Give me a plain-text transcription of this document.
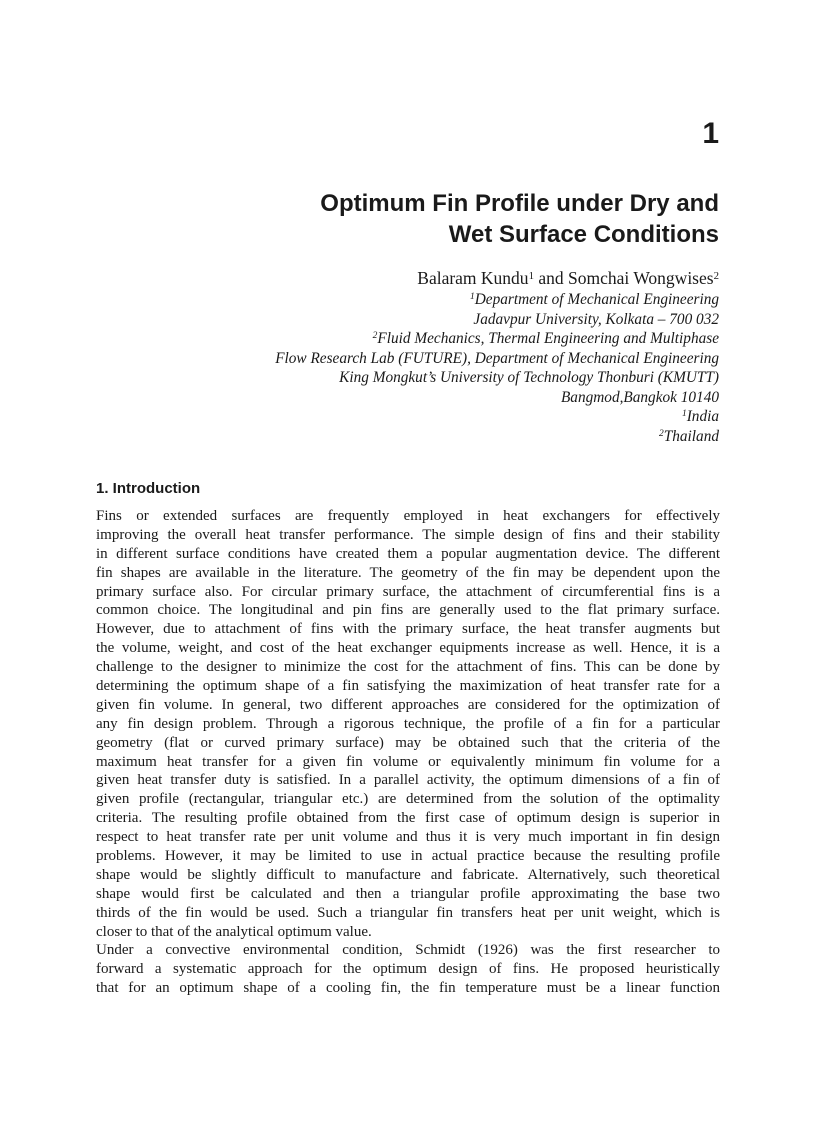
1
Optimum Fin Profile under Dry and
Wet Surface Conditions
Balaram Kundu$^1$ and Somchai Wongwises$^2$
$^1$Department of Mechanical Engineering
Jadavpur University, Kolkata – 700 032
$^2$Fluid Mechanics, Thermal Engineering and Multiphase
Flow Research Lab (FUTURE), Department of Mechanical Engineering
King Mongkut’s University of Technology Thonburi (KMUTT)
Bangmod,Bangkok 10140
$^1$India
$^2$Thailand
1. Introduction
Fins or extended surfaces are frequently employed in heat exchangers for effectively
improving the overall heat transfer performance. The simple design of fins and their stability
in different surface conditions have created them a popular augmentation device. The different
fin shapes are available in the literature. The geometry of the fin may be dependent upon the
primary surface also. For circular primary surface, the attachment of circumferential fins is a
common choice. The longitudinal and pin fins are generally used to the flat primary surface.
However, due to attachment of fins with the primary surface, the heat transfer augments but
the volume, weight, and cost of the heat exchanger equipments increase as well. Hence, it is a
challenge to the designer to minimize the cost for the attachment of fins. This can be done by
determining the optimum shape of a fin satisfying the maximization of heat transfer rate for a
given fin volume. In general, two different approaches are considered for the optimization of
any fin design problem. Through a rigorous technique, the profile of a fin for a particular
geometry (flat or curved primary surface) may be obtained such that the criteria of the
maximum heat transfer for a given fin volume or equivalently minimum fin volume for a
given heat transfer duty is satisfied. In a parallel activity, the optimum dimensions of a fin of
given profile (rectangular, triangular etc.) are determined from the solution of the optimality
criteria. The resulting profile obtained from the first case of optimum design is superior in
respect to heat transfer rate per unit volume and thus it is very much important in fin design
problems. However, it may be limited to use in actual practice because the resulting profile
shape would be slightly difficult to manufacture and fabricate. Alternatively, such theoretical
shape would first be calculated and then a triangular profile approximating the base two
thirds of the fin would be used. Such a triangular fin transfers heat per unit weight, which is
closer to that of the analytical optimum value.
Under a convective environmental condition, Schmidt (1926) was the first researcher to
forward a systematic approach for the optimum design of fins. He proposed heuristically
that for an optimum shape of a cooling fin, the fin temperature must be a linear function
